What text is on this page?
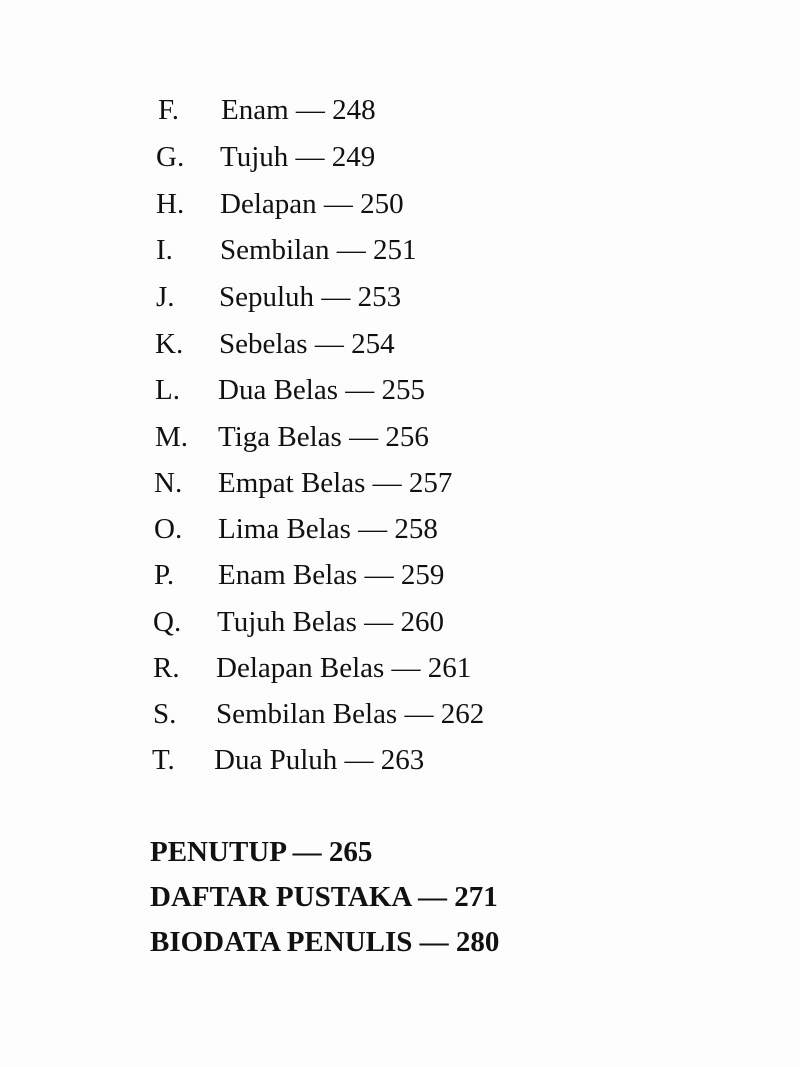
F. Enam — 248
G. Tujuh — 249
H. Delapan — 250
I. Sembilan — 251
J. Sepuluh — 253
K. Sebelas — 254
L. Dua Belas — 255
M. Tiga Belas — 256
N. Empat Belas — 257
O. Lima Belas — 258
P. Enam Belas — 259
Q. Tujuh Belas — 260
R. Delapan Belas — 261
S. Sembilan Belas — 262
T. Dua Puluh — 263
PENUTUP — 265
DAFTAR PUSTAKA — 271
BIODATA PENULIS — 280
